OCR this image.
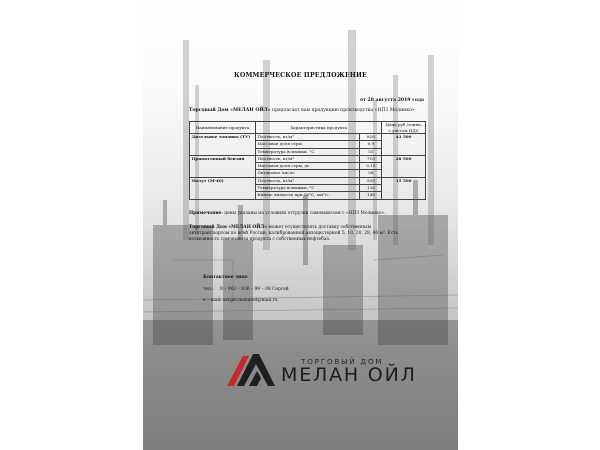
КОММЕРЧЕСКОЕ ПРЕДЛОЖЕНИЕ
от 28 августа 2019 года
Торговый Дом «МЕЛАН ОЙЛ» предлагает вам продукцию производства «НПЗ Молинко»
Наименование продукта	Характеристика продукта		Цена руб./тонна, с учетом НДС
Дизельное топливо (ТУ)	Плотность, кг/м³	820	43 500
	Массовая доля серы	0,9	
	Температура вспышки, °С	55	
Прямогонный бензин	Плотность, кг/м³	710	28 500
	Массовая доля серы, до	0,15	
	Октановое число	56	
Мазут (М-40)	Плотность, кг/м³	939	15 500
	Температура вспышки, °С	136	
	Кинем. вязкость при 50°С, мм²/с	148	
Примечание: цены указаны на условиях отгрузки самовывозом с «НПЗ Молинко».
Торговый Дом «МЕЛАН ОЙЛ» может осуществлять доставку собственным
автотранспортом по всей России, калиброванной автоцистерной 5, 10, 20, 28, 40 м³. Есть
возможность самовывоза продукта с собственных нефтебаз.
Контактное лицо
тел.: 8 – 962 – 836 – 99 – 08 Сергей
e – mail:sergei.melanoil@mail.ru
ТОРГОВЫЙ ДОМ
МЕЛАН ОЙЛ
